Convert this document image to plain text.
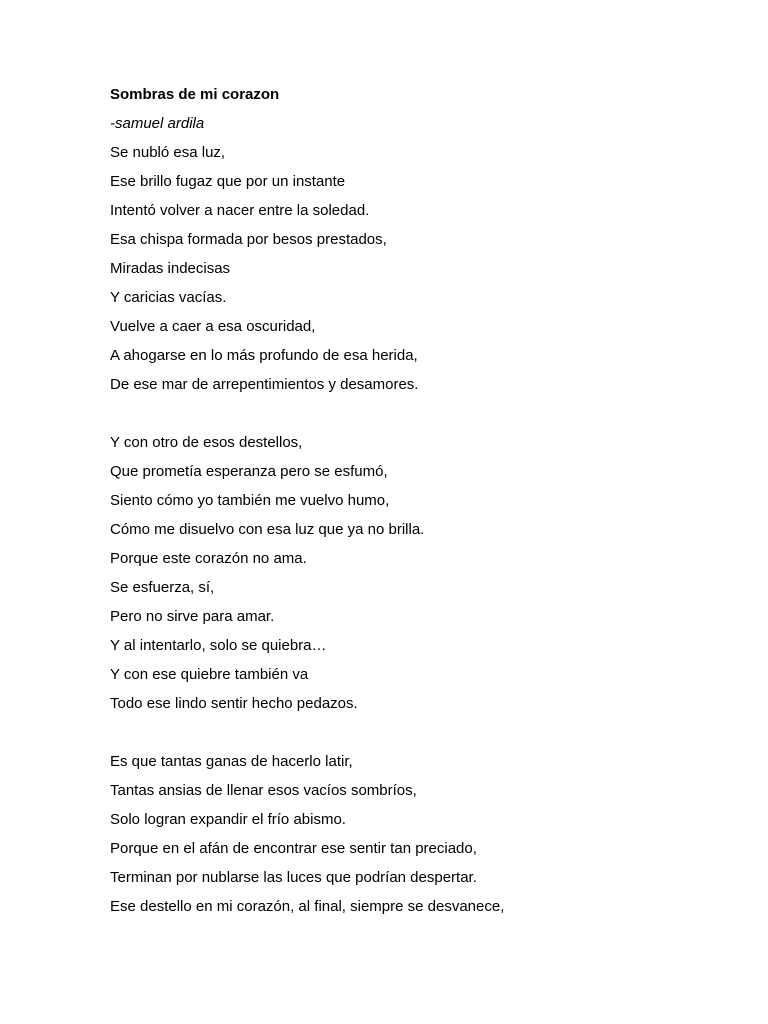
Sombras de mi corazon
-samuel ardila
Se nubló esa luz,
Ese brillo fugaz que por un instante
Intentó volver a nacer entre la soledad.
Esa chispa formada por besos prestados,
Miradas indecisas
Y caricias vacías.
Vuelve a caer a esa oscuridad,
A ahogarse en lo más profundo de esa herida,
De ese mar de arrepentimientos y desamores.
Y con otro de esos destellos,
Que prometía esperanza pero se esfumó,
Siento cómo yo también me vuelvo humo,
Cómo me disuelvo con esa luz que ya no brilla.
Porque este corazón no ama.
Se esfuerza, sí,
Pero no sirve para amar.
Y al intentarlo, solo se quiebra…
Y con ese quiebre también va
Todo ese lindo sentir hecho pedazos.
Es que tantas ganas de hacerlo latir,
Tantas ansias de llenar esos vacíos sombríos,
Solo logran expandir el frío abismo.
Porque en el afán de encontrar ese sentir tan preciado,
Terminan por nublarse las luces que podrían despertar.
Ese destello en mi corazón, al final, siempre se desvanece,
